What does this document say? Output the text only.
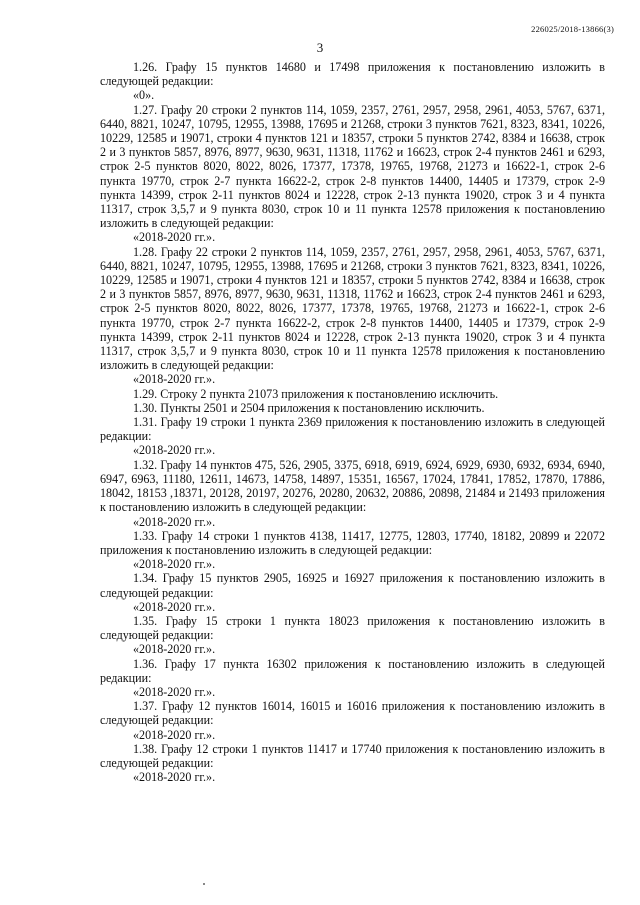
226025/2018-13866(3)
3

1.26. Графу 15 пунктов 14680 и 17498 приложения к постановлению изложить в следующей редакции:

«0».

1.27. Графу 20 строки 2 пунктов 114, 1059, 2357, 2761, 2957, 2958, 2961, 4053, 5767, 6371, 6440, 8821, 10247, 10795, 12955, 13988, 17695 и 21268, строки 3 пунктов 7621, 8323, 8341, 10226, 10229, 12585 и 19071, строки 4 пунктов 121 и 18357, строки 5 пунктов 2742, 8384 и 16638, строк 2 и 3 пунктов 5857, 8976, 8977, 9630, 9631, 11318, 11762 и 16623, строк 2-4 пунктов 2461 и 6293, строк 2-5 пунктов 8020, 8022, 8026, 17377, 17378, 19765, 19768, 21273 и 16622-1, строк 2-6 пункта 19770, строк 2-7 пункта 16622-2, строк 2-8 пунктов 14400, 14405 и 17379, строк 2-9 пункта 14399, строк 2-11 пунктов 8024 и 12228, строк 2-13 пункта 19020, строк 3 и 4 пункта 11317, строк 3,5,7 и 9 пункта 8030, строк 10 и 11 пункта 12578 приложения к постановлению изложить в следующей редакции:

«2018-2020 гг.».

1.28. Графу 22 строки 2 пунктов 114, 1059, 2357, 2761, 2957, 2958, 2961, 4053, 5767, 6371, 6440, 8821, 10247, 10795, 12955, 13988, 17695 и 21268, строки 3 пунктов 7621, 8323, 8341, 10226, 10229, 12585 и 19071, строки 4 пунктов 121 и 18357, строки 5 пунктов 2742, 8384 и 16638, строк 2 и 3 пунктов 5857, 8976, 8977, 9630, 9631, 11318, 11762 и 16623, строк 2-4 пунктов 2461 и 6293, строк 2-5 пунктов 8020, 8022, 8026, 17377, 17378, 19765, 19768, 21273 и 16622-1, строк 2-6 пункта 19770, строк 2-7 пункта 16622-2, строк 2-8 пунктов 14400, 14405 и 17379, строк 2-9 пункта 14399, строк 2-11 пунктов 8024 и 12228, строк 2-13 пункта 19020, строк 3 и 4 пункта 11317, строк 3,5,7 и 9 пункта 8030, строк 10 и 11 пункта 12578 приложения к постановлению изложить в следующей редакции:

«2018-2020 гг.».

1.29. Строку 2 пункта 21073 приложения к постановлению исключить.

1.30. Пункты 2501 и 2504 приложения к постановлению исключить.

1.31. Графу 19 строки 1 пункта 2369 приложения к постановлению изложить в следующей редакции:

«2018-2020 гг.».

1.32. Графу 14 пунктов 475, 526, 2905, 3375, 6918, 6919, 6924, 6929, 6930, 6932, 6934, 6940, 6947, 6963, 11180, 12611, 14673, 14758, 14897, 15351, 16567, 17024, 17841, 17852, 17870, 17886, 18042, 18153 ,18371, 20128, 20197, 20276, 20280, 20632, 20886, 20898, 21484 и 21493 приложения к постановлению изложить в следующей редакции:

«2018-2020 гг.».

1.33. Графу 14 строки 1 пунктов 4138, 11417, 12775, 12803, 17740, 18182, 20899 и 22072 приложения к постановлению изложить в следующей редакции:

«2018-2020 гг.».

1.34. Графу 15 пунктов 2905, 16925 и 16927 приложения к постановлению изложить в следующей редакции:

«2018-2020 гг.».

1.35. Графу 15 строки 1 пункта 18023 приложения к постановлению изложить в следующей редакции:

«2018-2020 гг.».

1.36. Графу 17 пункта 16302 приложения к постановлению изложить в следующей редакции:

«2018-2020 гг.».

1.37. Графу 12 пунктов 16014, 16015 и 16016 приложения к постановлению изложить в следующей редакции:

«2018-2020 гг.».

1.38. Графу 12 строки 1 пунктов 11417 и 17740 приложения к постановлению изложить в следующей редакции:

«2018-2020 гг.».
